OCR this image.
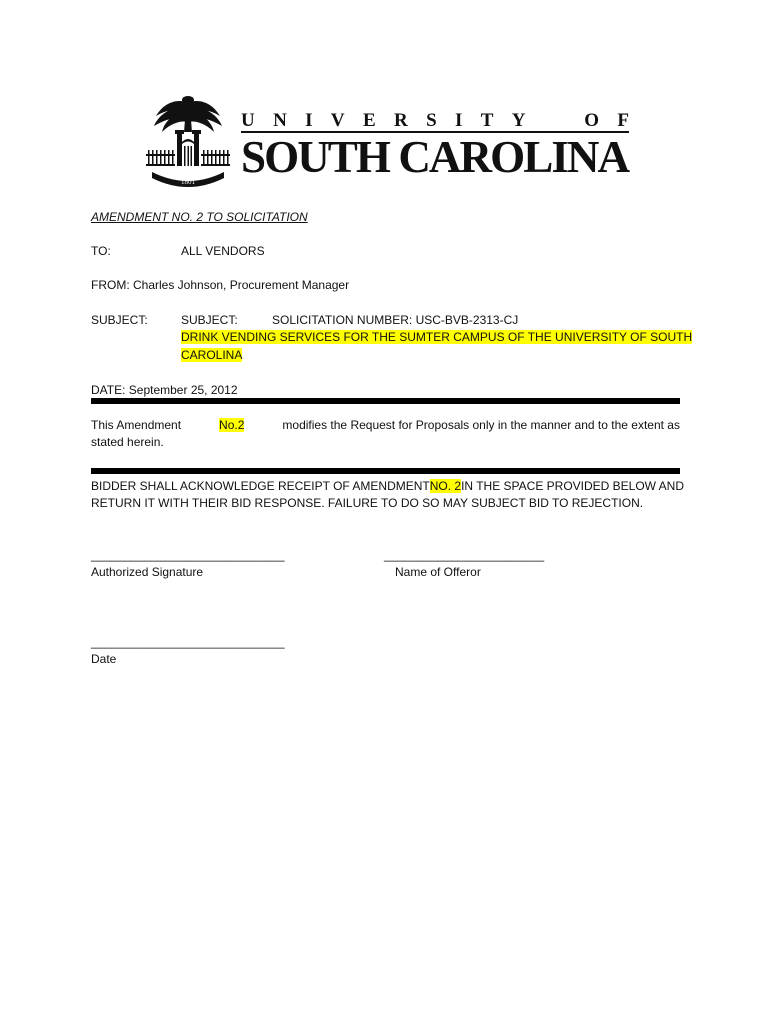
1801
U N I V E R S I T Y	O F
SOUTH CAROLINA
AMENDMENT NO. 2 TO SOLICITATION
TO:	ALL VENDORS
FROM: Charles Johnson, Procurement Manager
SUBJECT:	SUBJECT:	SOLICITATION NUMBER: USC-BVB-2313-CJ
DRINK VENDING SERVICES FOR THE SUMTER CAMPUS OF THE UNIVERSITY OF SOUTH
CAROLINA
DATE: September 25, 2012
This Amendment	No.2	modifies the Request for Proposals only in the manner and to the extent as
stated herein.
BIDDER SHALL ACKNOWLEDGE RECEIPT OF AMENDMENT NO. 2 IN THE SPACE PROVIDED BELOW AND
RETURN IT WITH THEIR BID RESPONSE. FAILURE TO DO SO MAY SUBJECT BID TO REJECTION.
_____________________________	________________________
Authorized Signature	Name of Offeror
_____________________________
Date
